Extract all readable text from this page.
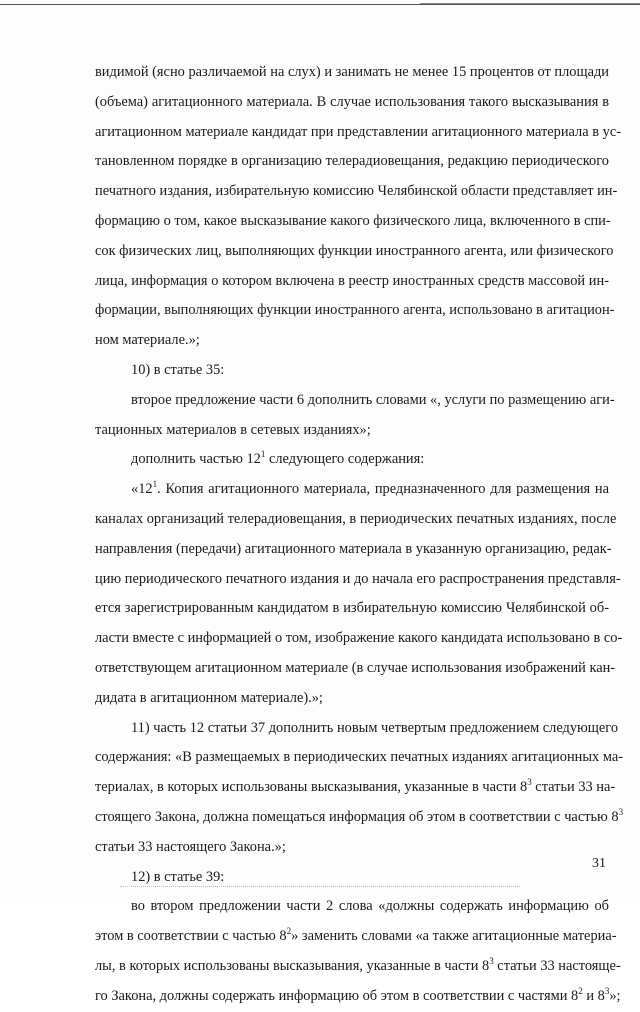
видимой (ясно различаемой на слух) и занимать не менее 15 процентов от площади
(объема) агитационного материала. В случае использования такого высказывания в
агитационном материале кандидат при представлении агитационного материала в ус-
тановленном порядке в организацию телерадиовещания, редакцию периодического
печатного издания, избирательную комиссию Челябинской области представляет ин-
формацию о том, какое высказывание какого физического лица, включенного в спи-
сок физических лиц, выполняющих функции иностранного агента, или физического
лица, информация о котором включена в реестр иностранных средств массовой ин-
формации, выполняющих функции иностранного агента, использовано в агитацион-
ном материале.»;
10) в статье 35:
второе предложение части 6 дополнить словами «, услуги по размещению аги-
тационных материалов в сетевых изданиях»;
дополнить частью $12^1$ следующего содержания:
«$12^1$. Копия агитационного материала, предназначенного для размещения на
каналах организаций телерадиовещания, в периодических печатных изданиях, после
направления (передачи) агитационного материала в указанную организацию, редак-
цию периодического печатного издания и до начала его распространения представля-
ется зарегистрированным кандидатом в избирательную комиссию Челябинской об-
ласти вместе с информацией о том, изображение какого кандидата использовано в со-
ответствующем агитационном материале (в случае использования изображений кан-
дидата в агитационном материале).»;
11) часть 12 статьи 37 дополнить новым четвертым предложением следующего
содержания: «В размещаемых в периодических печатных изданиях агитационных ма-
териалах, в которых использованы высказывания, указанные в части $8^3$ статьи 33 на-
стоящего Закона, должна помещаться информация об этом в соответствии с частью $8^3$
статьи 33 настоящего Закона.»;
12) в статье 39:
во втором предложении части 2 слова «должны содержать информацию об
этом в соответствии с частью $8^2$» заменить словами «а также агитационные материа-
лы, в которых использованы высказывания, указанные в части $8^3$ статьи 33 настояще-
го Закона, должны содержать информацию об этом в соответствии с частями $8^2$ и $8^3$»;
31
